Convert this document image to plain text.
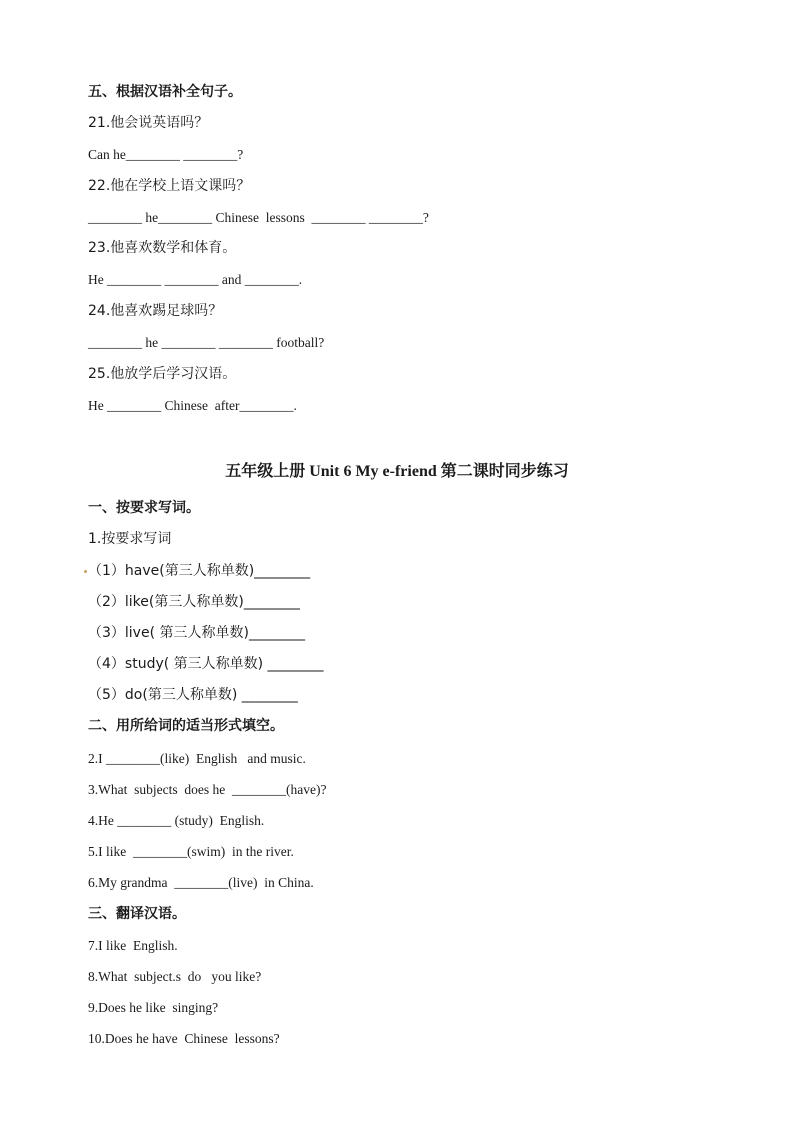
五、根据汉语补全句子。
21.他会说英语吗？
Can he________ ________?
22.他在学校上语文课吗？
________ he________ Chinese  lessons  ________ ________?
23.他喜欢数学和体育。
He ________ ________ and ________.
24.他喜欢踢足球吗？
________ he ________ ________ football?
25.他放学后学习汉语。
He ________ Chinese  after________.
五年级上册 Unit 6 My e-friend 第二课时同步练习
一、按要求写词。
1.按要求写词
（1）have(第三人称单数)________
（2）like(第三人称单数)________
（3）live( 第三人称单数)________
（4）study( 第三人称单数) ________
（5）do(第三人称单数) ________
二、用所给词的适当形式填空。
2.I ________(like)  English   and music.
3.What  subjects  does he  ________(have)?
4.He ________ (study)  English.
5.I like  ________(swim)  in the river.
6.My grandma  ________(live)  in China.
三、翻译汉语。
7.I like  English.
8.What  subject.s  do   you like?
9.Does he like  singing?
10.Does he have  Chinese  lessons?
